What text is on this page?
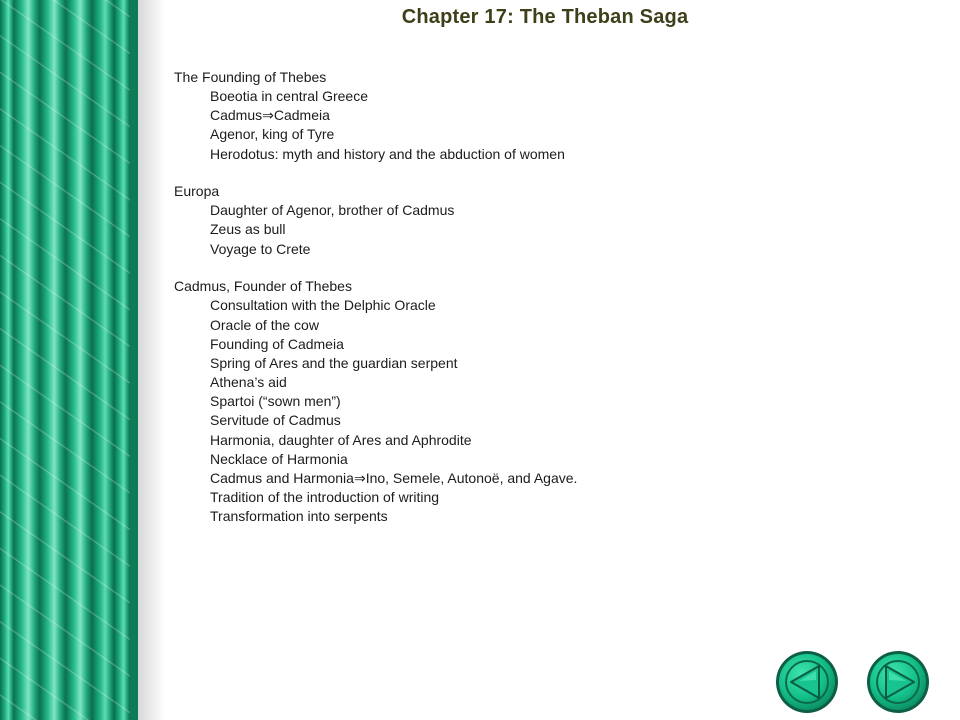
Chapter 17: The Theban Saga
The Founding of Thebes
Boeotia in central Greece
Cadmus⇒Cadmeia
Agenor, king of Tyre
Herodotus: myth and history and the abduction of women
Europa
Daughter of Agenor, brother of Cadmus
Zeus as bull
Voyage to Crete
Cadmus, Founder of Thebes
Consultation with the Delphic Oracle
Oracle of the cow
Founding of Cadmeia
Spring of Ares and the guardian serpent
Athena’s aid
Spartoi (“sown men”)
Servitude of Cadmus
Harmonia, daughter of Ares and Aphrodite
Necklace of Harmonia
Cadmus and Harmonia⇒Ino, Semele, Autonoë, and Agave.
Tradition of the introduction of writing
Transformation into serpents
